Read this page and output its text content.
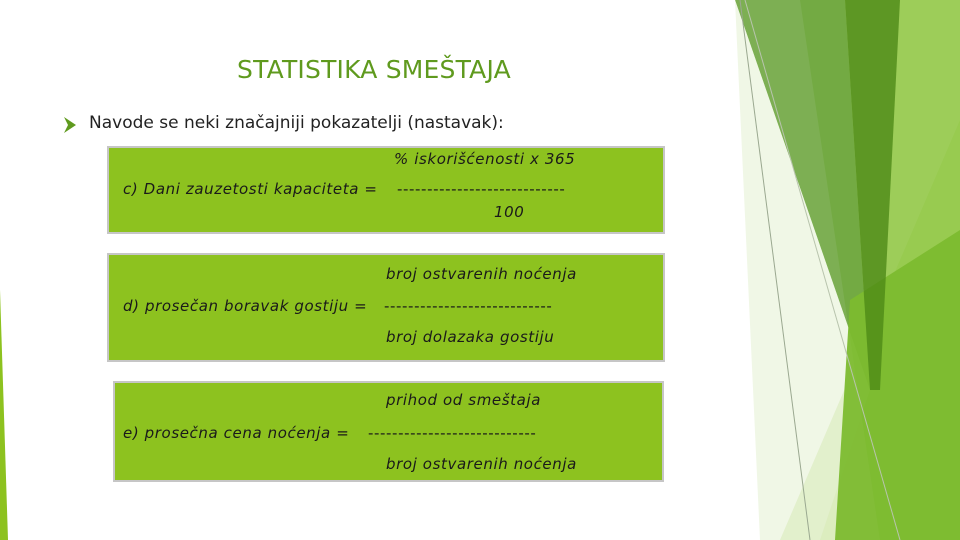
STATISTIKA SMEŠTAJA
Navode se neki značajniji pokazatelji (nastavak):
% iskorišćenosti x 365
c) Dani zauzetosti kapaciteta = ----------------------------
100
broj ostvarenih noćenja
d) prosečan boravak gostiju = ----------------------------
broj dolazaka gostiju
prihod od smeštaja
e) prosečna cena noćenja = ----------------------------
broj ostvarenih noćenja
